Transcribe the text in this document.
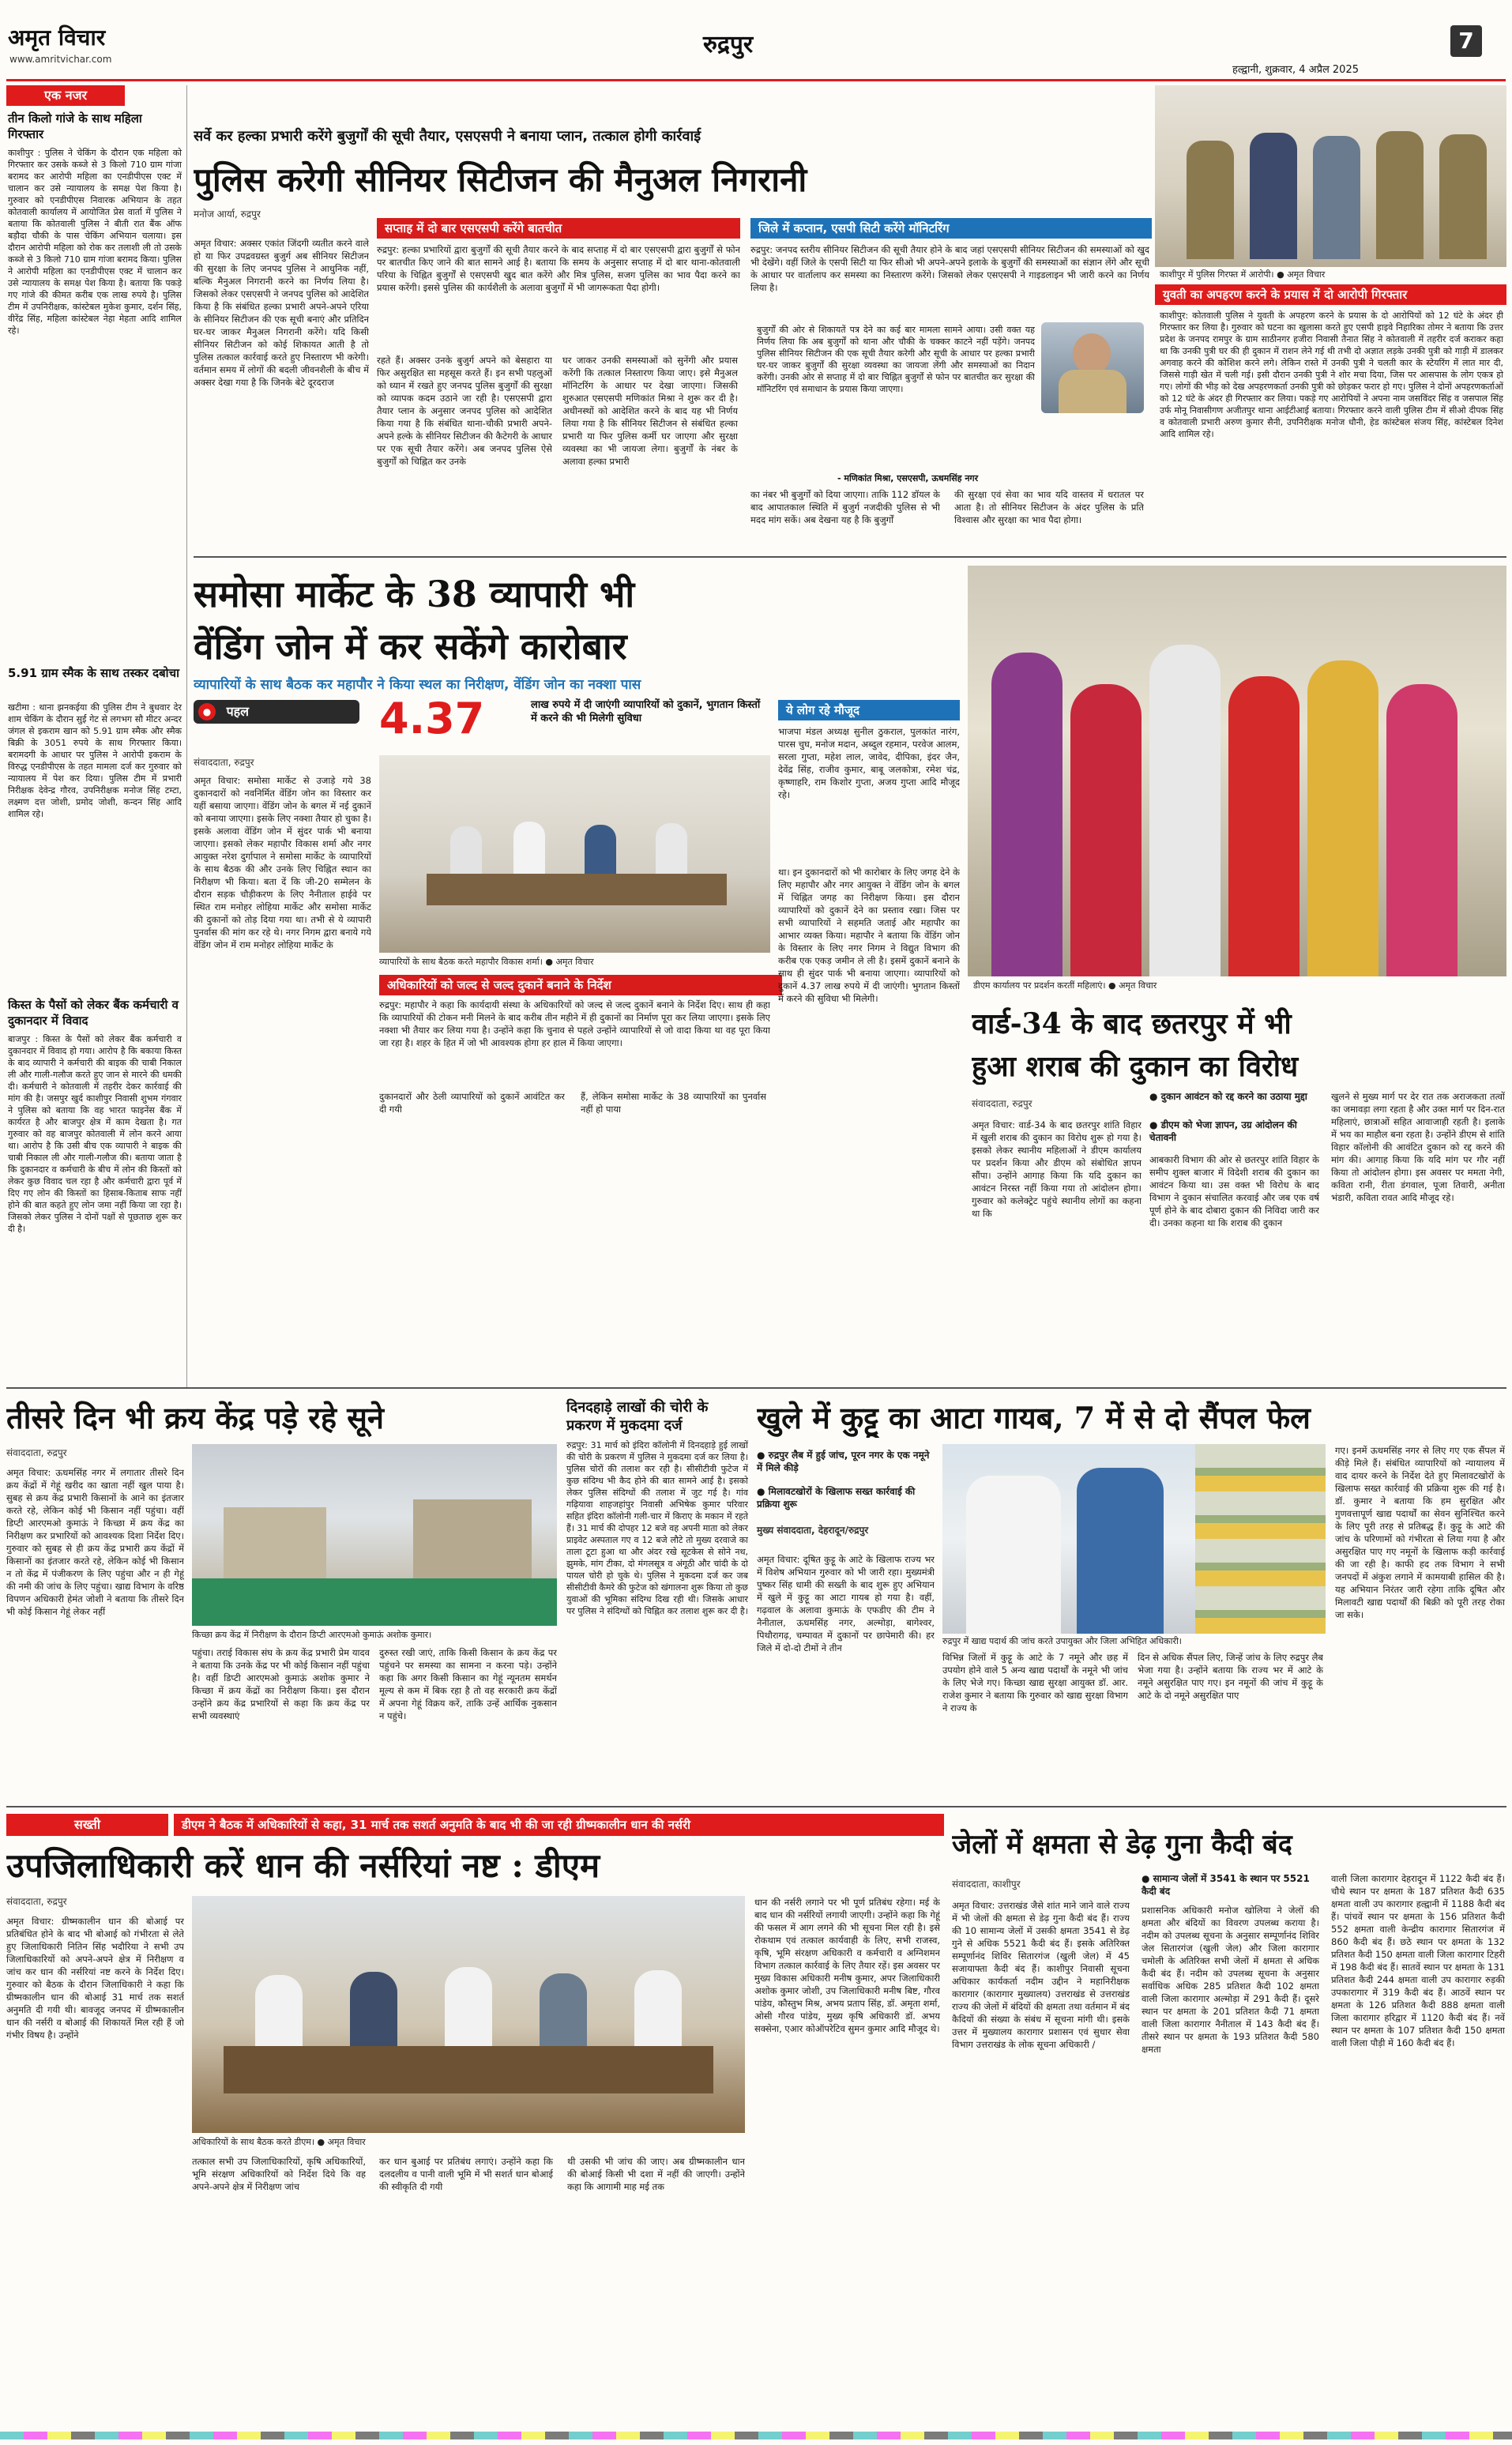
अमृत विचार
www.amritvichar.com
रुद्रपुर
हल्द्वानी, शुक्रवार, 4 अप्रैल 2025
7
एक नजर
तीन किलो गांजे के साथ महिला गिरफ्तार
काशीपुर : पुलिस ने चेकिंग के दौरान एक महिला को गिरफ्तार कर उसके कब्जे से 3 किलो 710 ग्राम गांजा बरामद कर आरोपी महिला का एनडीपीएस एक्ट में चालान कर उसे न्यायालय के समक्ष पेश किया है। गुरुवार को एनडीपीएस निवारक अभियान के तहत कोतवाली कार्यालय में आयोजित प्रेस वार्ता में पुलिस ने बताया कि कोतवाली पुलिस ने बीती रात बैंक ऑफ बड़ौदा चौकी के पास चेकिंग अभियान चलाया। इस दौरान आरोपी महिला को रोक कर तलाशी ली तो उसके कब्जे से 3 किलो 710 ग्राम गांजा बरामद किया। पुलिस ने आरोपी महिला का एनडीपीएस एक्ट में चालान कर उसे न्यायालय के समक्ष पेश किया है। बताया कि पकड़े गए गांजे की कीमत करीब एक लाख रुपये है। पुलिस टीम में उपनिरीक्षक, कांस्टेबल मुकेश कुमार, दर्शन सिंह, वीरेंद्र सिंह, महिला कांस्टेबल नेहा मेहता आदि शामिल रहे।
5.91 ग्राम स्मैक के साथ तस्कर दबोचा
खटीमा : थाना झनकईया की पुलिस टीम ने बुधवार देर शाम चेकिंग के दौरान सुर्ई गेट से लगभग सौ मीटर अन्दर जंगल से इकराम खान को 5.91 ग्राम स्मैक और स्मैक बिक्री के 3051 रुपये के साथ गिरफ्तार किया। बरामदगी के आधार पर पुलिस ने आरोपी इकराम के विरुद्ध एनडीपीएस के तहत मामला दर्ज कर गुरुवार को न्यायालय में पेश कर दिया। पुलिस टीम में प्रभारी निरीक्षक देवेन्द्र गौरव, उपनिरीक्षक मनोज सिंह टम्टा, लक्ष्मण दत्त जोशी, प्रमोद जोशी, कन्दन सिंह आदि शामिल रहे।
किस्त के पैसों को लेकर बैंक कर्मचारी व दुकानदार में विवाद
बाजपुर : किस्त के पैसों को लेकर बैंक कर्मचारी व दुकानदार में विवाद हो गया। आरोप है कि बकाया किस्त के बाद व्यापारी ने कर्मचारी की बाइक की चाबी निकाल ली और गाली-गलौज करते हुए जान से मारने की धमकी दी। कर्मचारी ने कोतवाली में तहरीर देकर कार्रवाई की मांग की है। जसपुर खुर्द काशीपुर निवासी शुभम गंगवार ने पुलिस को बताया कि वह भारत फाइनेंस बैंक में कार्यरत है और बाजपुर क्षेत्र में काम देखता है। गत गुरुवार को वह बाजपुर कोतवाली में लोन करने आया था। आरोप है कि उसी बीच एक व्यापारी ने बाइक की चाबी निकाल ली और गाली-गलौज की। बताया जाता है कि दुकानदार व कर्मचारी के बीच में लोन की किस्तों को लेकर कुछ विवाद चल रहा है और कर्मचारी द्वारा पूर्व में दिए गए लोन की किस्तों का हिसाब-किताब साफ नहीं होने की बात कहते हुए लोन जमा नहीं किया जा रहा है। जिसको लेकर पुलिस ने दोनों पक्षों से पूछताछ शुरू कर दी है।
सर्वे कर हल्का प्रभारी करेंगे बुजुर्गों की सूची तैयार, एसएसपी ने बनाया प्लान, तत्काल होगी कार्रवाई
पुलिस करेगी सीनियर सिटीजन की मैनुअल निगरानी
मनोज आर्या, रुद्रपुर
अमृत विचार: अक्सर एकांत जिंदगी व्यतीत करने वाले हो या फिर उपद्रवग्रस्त बुजुर्ग अब सीनियर सिटीजन की सुरक्षा के लिए जनपद पुलिस ने आधुनिक नहीं, बल्कि मैनुअल निगरानी करने का निर्णय लिया है। जिसको लेकर एसएसपी ने जनपद पुलिस को आदेशित किया है कि संबंधित हल्का प्रभारी अपने-अपने एरिया के सीनियर सिटीजन की एक सूची बनाएं और प्रतिदिन घर-घर जाकर मैनुअल निगरानी करेंगे। यदि किसी सीनियर सिटीजन को कोई शिकायत आती है तो पुलिस तत्काल कार्रवाई करते हुए निस्तारण भी करेगी। वर्तमान समय में लोगों की बदली जीवनशैली के बीच में अक्सर देखा गया है कि जिनके बेटे दूरदराज
सप्ताह में दो बार एसएसपी करेंगे बातचीत
रुद्रपुर: हल्का प्रभारियों द्वारा बुजुर्गों की सूची तैयार करने के बाद सप्ताह में दो बार एसएसपी द्वारा बुजुर्गों से फोन पर बातचीत किए जाने की बात सामने आई है। बताया कि समय के अनुसार सप्ताह में दो बार थाना-कोतवाली परिया के चिह्नित बुजुर्गों से एसएसपी खुद बात करेंगे और मित्र पुलिस, सजग पुलिस का भाव पैदा करने का प्रयास करेंगी। इससे पुलिस की कार्यशैली के अलावा बुजुर्गों में भी जागरूकता पैदा होगी।
रहते हैं। अक्सर उनके बुजुर्ग अपने को बेसहारा या फिर असुरक्षित सा महसूस करते हैं। इन सभी पहलुओं को ध्यान में रखते हुए जनपद पुलिस बुजुर्गों की सुरक्षा को व्यापक कदम उठाने जा रही है। एसएसपी द्वारा तैयार प्लान के अनुसार जनपद पुलिस को आदेशित किया गया है कि संबंधित थाना-चौकी प्रभारी अपने-अपने हल्के के सीनियर सिटीजन की कैटेगरी के आधार पर एक सूची तैयार करेंगे। अब जनपद पुलिस ऐसे बुजुर्गों को चिह्नित कर उनके
घर जाकर उनकी समस्याओं को सुनेंगी और प्रयास करेंगी कि तत्काल निस्तारण किया जाए। इसे मैनुअल मॉनिटरिंग के आधार पर देखा जाएगा। जिसकी शुरुआत एसएसपी मणिकांत मिश्रा ने शुरू कर दी है। अधीनस्थों को आदेशित करने के बाद यह भी निर्णय लिया गया है कि सीनियर सिटीजन से संबंधित हल्का प्रभारी या फिर पुलिस कर्मी घर जाएगा और सुरक्षा व्यवस्था का भी जायजा लेगा। बुजुर्गों के नंबर के अलावा हल्का प्रभारी
जिले में कप्तान, एसपी सिटी करेंगे मॉनिटरिंग
रुद्रपुर: जनपद स्तरीय सीनियर सिटीजन की सूची तैयार होने के बाद जहां एसएसपी सीनियर सिटीजन की समस्याओं को खुद भी देखेंगे। वहीं जिले के एसपी सिटी या फिर सीओ भी अपने-अपने इलाके के बुजुर्गों की समस्याओं का संज्ञान लेंगे और सूची के आधार पर वार्तालाप कर समस्या का निस्तारण करेंगे। जिसको लेकर एसएसपी ने गाइडलाइन भी जारी करने का निर्णय लिया है।
बुजुर्गों की ओर से शिकायतें पत्र देने का कई बार मामला सामने आया। उसी वक्त यह निर्णय लिया कि अब बुजुर्गों को थाना और चौकी के चक्कर काटने नहीं पड़ेंगे। जनपद पुलिस सीनियर सिटीजन की एक सूची तैयार करेगी और सूची के आधार पर हल्का प्रभारी घर-घर जाकर बुजुर्गों की सुरक्षा व्यवस्था का जायजा लेंगी और समस्याओं का निदान करेंगी। उनकी ओर से सप्ताह में दो बार चिह्नित बुजुर्गों से फोन पर बातचीत कर सुरक्षा की मॉनिटरिंग एवं समाधान के प्रयास किया जाएगा।
- मणिकांत मिश्रा, एसएसपी, ऊधमसिंह नगर
का नंबर भी बुजुर्गों को दिया जाएगा। ताकि 112 डॉयल के बाद आपातकाल स्थिति में बुजुर्ग नजदीकी पुलिस से भी मदद मांग सकें। अब देखना यह है कि बुजुर्गों
की सुरक्षा एवं सेवा का भाव यदि वास्तव में धरातल पर आता है। तो सीनियर सिटीजन के अंदर पुलिस के प्रति विश्वास और सुरक्षा का भाव पैदा होगा।
काशीपुर में पुलिस गिरफ्त में आरोपी। ● अमृत विचार
युवती का अपहरण करने के प्रयास में दो आरोपी गिरफ्तार
काशीपुर: कोतवाली पुलिस ने युवती के अपहरण करने के प्रयास के दो आरोपियों को 12 घंटे के अंदर ही गिरफ्तार कर लिया है। गुरुवार को घटना का खुलासा करते हुए एसपी हाइवे निहारिका तोमर ने बताया कि उत्तर प्रदेश के जनपद रामपुर के ग्राम साठीनगर हजीरा निवासी तैनात सिंह ने कोतवाली में तहरीर दर्ज कराकर कहा था कि उनकी पुत्री घर की ही दुकान में राशन लेने गई थी तभी दो अज्ञात लड़के उनकी पुत्री को गाड़ी में डालकर अगवाह करने की कोशिश करने लगे। लेकिन रास्ते में उनकी पुत्री ने चलती कार के स्टेयरिंग में लात मार दी, जिससे गाड़ी खेत में चली गई। इसी दौरान उनकी पुत्री ने शोर मचा दिया, जिस पर आसपास के लोग एकत्र हो गए। लोगों की भीड़ को देख अपहरणकर्ता उनकी पुत्री को छोड़कर फरार हो गए। पुलिस ने दोनों अपहरणकर्ताओं को 12 घंटे के अंदर ही गिरफ्तार कर लिया। पकड़े गए आरोपियों ने अपना नाम जसविंदर सिंह व जसपाल सिंह उर्फ मोनू निवासीगण अजीतपुर थाना आईटीआई बताया। गिरफ्तार करने वाली पुलिस टीम में सीओ दीपक सिंह व कोतवाली प्रभारी अरुण कुमार सैनी, उपनिरीक्षक मनोज धौनी, हेड कांस्टेबल संजय सिंह, कांस्टेबल दिनेश आदि शामिल रहे।
समोसा मार्केट के 38 व्यापारी भी
वेंडिंग जोन में कर सकेंगे कारोबार
व्यापारियों के साथ बैठक कर महापौर ने किया स्थल का निरीक्षण, वेंडिंग जोन का नक्शा पास
● पहल	4.37	लाख रुपये में दी जाएंगी व्यापारियों को दुकानें, भुगतान किस्तों में करने की भी मिलेगी सुविधा
संवाददाता, रुद्रपुर
अमृत विचार: समोसा मार्केट से उजाड़े गये 38 दुकानदारों को नवनिर्मित वेंडिंग जोन का विस्तार कर यहीं बसाया जाएगा। वेंडिंग जोन के बगल में नई दुकानें को बनाया जाएगा। इसके लिए नक्शा तैयार हो चुका है। इसके अलावा वेंडिंग जोन में सुंदर पार्क भी बनाया जाएगा। इसको लेकर महापौर विकास शर्मा और नगर आयुक्त नरेश दुर्गापाल ने समोसा मार्केट के व्यापारियों के साथ बैठक की और उनके लिए चिह्नित स्थान का निरीक्षण भी किया। बता दें कि जी-20 सम्मेलन के दौरान सड़क चौड़ीकरण के लिए नैनीताल हाईवे पर स्थित राम मनोहर लोहिया मार्केट और समोसा मार्केट की दुकानों को तोड़ दिया गया था। तभी से ये व्यापारी पुनर्वास की मांग कर रहे थे। नगर निगम द्वारा बनाये गये वेंडिंग जोन में राम मनोहर लोहिया मार्केट के
व्यापारियों के साथ बैठक करते महापौर विकास शर्मा। ● अमृत विचार
अधिकारियों को जल्द से जल्द दुकानें बनाने के निर्देश
रुद्रपुर: महापौर ने कहा कि कार्यदायी संस्था के अधिकारियों को जल्द से जल्द दुकानें बनाने के निर्देश दिए। साथ ही कहा कि व्यापारियों की टोकन मनी मिलने के बाद करीब तीन महीने में ही दुकानों का निर्माण पूरा कर लिया जाएगा। इसके लिए नक्शा भी तैयार कर लिया गया है। उन्होंने कहा कि चुनाव से पहले उन्होंने व्यापारियों से जो वादा किया था वह पूरा किया जा रहा है। शहर के हित में जो भी आवश्यक होगा हर हाल में किया जाएगा।
दुकानदारों और ठेली व्यापारियों को दुकानें आवंटित कर दी गयी
हैं, लेकिन समोसा मार्केट के 38 व्यापारियों का पुनर्वास नहीं हो पाया
ये लोग रहे मौजूद
भाजपा मंडल अध्यक्ष सुनील ठुकराल, पुलकांत नारंग, पारस चुघ, मनोज मदान, अब्दुल रहमान, परवेज आलम, सरला गुप्ता, महेश लाल, जावेद, दीपिका, इंदर जैन, देवेंद्र सिंह, राजीव कुमार, बाबू जलकोत्रा, रमेश चंद्र, कृष्णाहरि, राम किशोर गुप्ता, अजय गुप्ता आदि मौजूद रहे।
था। इन दुकानदारों को भी कारोबार के लिए जगह देने के लिए महापौर और नगर आयुक्त ने वेंडिंग जोन के बगल में चिह्नित जगह का निरीक्षण किया। इस दौरान व्यापारियों को दुकानें देने का प्रस्ताव रखा। जिस पर सभी व्यापारियों ने सहमति जताई और महापौर का आभार व्यक्त किया। महापौर ने बताया कि वेंडिंग जोन के विस्तार के लिए नगर निगम ने विद्युत विभाग की करीब एक एकड़ जमीन ले ली है। इसमें दुकानें बनाने के साथ ही सुंदर पार्क भी बनाया जाएगा। व्यापारियों को दुकानें 4.37 लाख रुपये में दी जाएंगी। भुगतान किस्तों में करने की सुविधा भी मिलेगी।
डीएम कार्यालय पर प्रदर्शन करतीं महिलाएं। ● अमृत विचार
वार्ड-34 के बाद छतरपुर में भी
हुआ शराब की दुकान का विरोध
संवाददाता, रुद्रपुर
● दुकान आवंटन को रद्द करने का उठाया मुद्दा
● डीएम को भेजा ज्ञापन, उग्र आंदोलन की चेतावनी
अमृत विचार: वार्ड-34 के बाद छतरपुर शांति विहार में खुली शराब की दुकान का विरोध शुरू हो गया है। इसको लेकर स्थानीय महिलाओं ने डीएम कार्यालय पर प्रदर्शन किया और डीएम को संबोधित ज्ञापन सौंपा। उन्होंने आगाह किया कि यदि दुकान का आवंटन निरस्त नहीं किया गया तो आंदोलन होगा। गुरुवार को कलेक्ट्रेट पहुंचे स्थानीय लोगों का कहना था कि
आबकारी विभाग की ओर से छतरपुर शांति विहार के समीप शुक्ल बाजार में विदेशी शराब की दुकान का आवंटन किया था। उस वक्त भी विरोध के बाद विभाग ने दुकान संचालित करवाई और जब एक वर्ष पूर्ण होने के बाद दोबारा दुकान की निविदा जारी कर दी। उनका कहना था कि शराब की दुकान
खुलने से मुख्य मार्ग पर देर रात तक अराजकता तत्वों का जमावड़ा लगा रहता है और उक्त मार्ग पर दिन-रात महिलाएं, छात्राओं सहित आवाजाही रहती है। इलाके में भय का माहौल बना रहता है। उन्होंने डीएम से शांति विहार कॉलोनी की आवंटित दुकान को रद्द करने की मांग की। आगाह किया कि यदि मांग पर गौर नहीं किया तो आंदोलन होगा। इस अवसर पर ममता नेगी, कविता रानी, रीता डंगवाल, पूजा तिवारी, अनीता भंडारी, कविता रावत आदि मौजूद रहे।
तीसरे दिन भी क्रय केंद्र पड़े रहे सूने
संवाददाता, रुद्रपुर
अमृत विचार: ऊधमसिंह नगर में लगातार तीसरे दिन क्रय केंद्रों में गेहूं खरीद का खाता नहीं खुल पाया है। सुबह से क्रय केंद्र प्रभारी किसानों के आने का इंतजार करते रहे, लेकिन कोई भी किसान नहीं पहुंचा। वहीं डिप्टी आरएमओ कुमाऊं ने किच्छा में क्रय केंद्र का निरीक्षण कर प्रभारियों को आवश्यक दिशा निर्देश दिए। गुरुवार को सुबह से ही क्रय केंद्र प्रभारी क्रय केंद्रों में किसानों का इंतजार करते रहे, लेकिन कोई भी किसान न तो केंद्र में पंजीकरण के लिए पहुंचा और न ही गेहूं की नमी की जांच के लिए पहुंचा। खाद्य विभाग के वरिष्ठ विपणन अधिकारी हेमंत जोशी ने बताया कि तीसरे दिन भी कोई किसान गेहूं लेकर नहीं
किच्छा क्रय केंद्र में निरीक्षण के दौरान डिप्टी आरएमओ कुमाऊं अशोक कुमार।
पहुंचा। तराई विकास संघ के क्रय केंद्र प्रभारी प्रेम यादव ने बताया कि उनके केंद्र पर भी कोई किसान नहीं पहुंचा है। वहीं डिप्टी आरएमओ कुमाऊं अशोक कुमार ने किच्छा में क्रय केंद्रों का निरीक्षण किया। इस दौरान उन्होंने क्रय केंद्र प्रभारियों से कहा कि क्रय केंद्र पर सभी व्यवस्थाएं
दुरुस्त रखी जाएं, ताकि किसी किसान के क्रय केंद्र पर पहुंचने पर समस्या का सामना न करना पड़े। उन्होंने कहा कि अगर किसी किसान का गेहूं न्यूनतम समर्थन मूल्य से कम में बिक रहा है तो वह सरकारी क्रय केंद्रों में अपना गेहूं विक्रय करें, ताकि उन्हें आर्थिक नुकसान न पहुंचे।
दिनदहाड़े लाखों की चोरी के प्रकरण में मुकदमा दर्ज
रुद्रपुर: 31 मार्च को इंदिरा कॉलोनी में दिनदहाड़े हुई लाखों की चोरी के प्रकरण में पुलिस ने मुकदमा दर्ज कर लिया है। पुलिस चोरों की तलाश कर रही है। सीसीटीवी फुटेज में कुछ संदिग्ध भी कैद होने की बात सामने आई है। इसको लेकर पुलिस संदिग्धों की तलाश में जुट गई है। गांव गढ़ियावा शाहजहांपुर निवासी अभिषेक कुमार परिवार सहित इंदिरा कॉलोनी गली-चार में किराए के मकान में रहते हैं। 31 मार्च की दोपहर 12 बजे वह अपनी माता को लेकर प्राइवेट अस्पताल गए व 12 बजे लौटे तो मुख्य दरवाजे का ताला टूटा हुआ था और अंदर रखे सूटकेस से सोने नथ, झुमके, मांग टीका, दो मंगलसूत्र व अंगूठी और चांदी के दो पायल चोरी हो चुके थे। पुलिस ने मुकदमा दर्ज कर जब सीसीटीवी कैमरे की फुटेज को खंगालना शुरू किया तो कुछ युवाओं की भूमिका संदिग्ध दिख रही थी। जिसके आधार पर पुलिस ने संदिग्धों को चिह्नित कर तलाश शुरू कर दी है।
खुले में कुट्टू का आटा गायब, 7 में से दो सैंपल फेल
● रुद्रपुर लैब में हुई जांच, पूरन नगर के एक नमूने में मिले कीड़े
● मिलावटखोरों के खिलाफ सख्त कार्रवाई की प्रक्रिया शुरू
मुख्य संवाददाता, देहरादून/रुद्रपुर
अमृत विचार: दूषित कुट्टू के आटे के खिलाफ राज्य भर में विशेष अभियान गुरुवार को भी जारी रहा। मुख्यमंत्री पुष्कर सिंह धामी की सख्ती के बाद शुरू हुए अभियान में खुले में कुट्टू का आटा गायब हो गया है। वहीं, गढ़वाल के अलावा कुमाऊं के एफडीए की टीम ने नैनीताल, ऊधमसिंह नगर, अल्मोड़ा, बागेश्वर, पिथौरागढ़, चम्पावत में दुकानों पर छापेमारी की। हर जिले में दो-दो टीमों ने तीन
रुद्रपुर में खाद्य पदार्थ की जांच करते उपायुक्त और जिला अभिहित अधिकारी।
विभिन्न जिलों में कुट्टू के आटे के 7 नमूने और छह में उपयोग होने वाले 5 अन्य खाद्य पदार्थों के नमूने भी जांच के लिए भेजे गए। किच्छा खाद्य सुरक्षा आयुक्त डॉ. आर. राजेश कुमार ने बताया कि गुरुवार को खाद्य सुरक्षा विभाग ने राज्य के
दिन से अधिक सैंपल लिए, जिन्हें जांच के लिए रुद्रपुर लैब भेजा गया है। उन्होंने बताया कि राज्य भर में आटे के नमूने असुरक्षित पाए गए। इन नमूनों की जांच में कुट्टू के आटे के दो नमूने असुरक्षित पाए
गए। इनमें ऊधमसिंह नगर से लिए गए एक सैंपल में कीड़े मिले हैं। संबंधित व्यापारियों को न्यायालय में वाद दायर करने के निर्देश देते हुए मिलावटखोरों के खिलाफ सख्त कार्रवाई की प्रक्रिया शुरू की गई है। डॉ. कुमार ने बताया कि हम सुरक्षित और गुणवत्तापूर्ण खाद्य पदार्थों का सेवन सुनिश्चित करने के लिए पूरी तरह से प्रतिबद्ध हैं। कुट्टू के आटे की जांच के परिणामों को गंभीरता से लिया गया है और असुरक्षित पाए गए नमूनों के खिलाफ कड़ी कार्रवाई की जा रही है। काफी हद तक विभाग ने सभी जनपदों में अंकुश लगाने में कामयाबी हासिल की है। यह अभियान निरंतर जारी रहेगा ताकि दूषित और मिलावटी खाद्य पदार्थों की बिक्री को पूरी तरह रोका जा सके।
सख्ती	डीएम ने बैठक में अधिकारियों से कहा, 31 मार्च तक सशर्त अनुमति के बाद भी की जा रही ग्रीष्मकालीन धान की नर्सरी
उपजिलाधिकारी करें धान की नर्सरियां नष्ट : डीएम
संवाददाता, रुद्रपुर
अमृत विचार: ग्रीष्मकालीन धान की बोआई पर प्रतिबंधित होने के बाद भी बोआई को गंभीरता से लेते हुए जिलाधिकारी नितिन सिंह भदौरिया ने सभी उप जिलाधिकारियों को अपने-अपने क्षेत्र में निरीक्षण व जांच कर धान की नर्सरियां नष्ट करने के निर्देश दिए। गुरुवार को बैठक के दौरान जिलाधिकारी ने कहा कि ग्रीष्मकालीन धान की बोआई 31 मार्च तक सशर्त अनुमति दी गयी थी। बावजूद जनपद में ग्रीष्मकालीन धान की नर्सरी व बोआई की शिकायतें मिल रही हैं जो गंभीर विषय है। उन्होंने
अधिकारियों के साथ बैठक करते डीएम। ● अमृत विचार
तत्काल सभी उप जिलाधिकारियों, कृषि अधिकारियों, भूमि संरक्षण अधिकारियों को निर्देश दिये कि वह अपने-अपने क्षेत्र में निरीक्षण जांच
कर धान बुआई पर प्रतिबंध लगाएं। उन्होंने कहा कि दलदलीय व पानी वाली भूमि में भी सशर्त धान बोआई की स्वीकृति दी गयी
थी उसकी भी जांच की जाए। अब ग्रीष्मकालीन धान की बोआई किसी भी दशा में नहीं की जाएगी। उन्होंने कहा कि आगामी माह मई तक
धान की नर्सरी लगाने पर भी पूर्ण प्रतिबंध रहेगा। मई के बाद धान की नर्सरियों लगायी जाएगी। उन्होंने कहा कि गेहूं की फसल में आग लगने की भी सूचना मिल रही है। इसे रोकथाम एवं तत्काल कार्यवाही के लिए, सभी राजस्व, कृषि, भूमि संरक्षण अधिकारी व कर्मचारी व अग्निशमन विभाग तत्काल कार्रवाई के लिए तैयार रहें। इस अवसर पर मुख्य विकास अधिकारी मनीष कुमार, अपर जिलाधिकारी अशोक कुमार जोशी, उप जिलाधिकारी मनीष बिष्ट, गौरव पांडेय, कौस्तुभ मिश्र, अभय प्रताप सिंह, डॉ. अमृता शर्मा, ओसी गौरव पांडेय, मुख्य कृषि अधिकारी डॉ. अभय सक्सेना, एआर कोऑपरेटिव सुमन कुमार आदि मौजूद थे।
जेलों में क्षमता से डेढ़ गुना कैदी बंद
संवाददाता, काशीपुर	● सामान्य जेलों में 3541 के स्थान पर 5521 कैदी बंद
अमृत विचार: उत्तराखंड जैसे शांत माने जाने वाले राज्य में भी जेलों की क्षमता से डेढ़ गुना कैदी बंद हैं। राज्य की 10 सामान्य जेलों में उसकी क्षमता 3541 से डेढ़ गुने से अधिक 5521 कैदी बंद हैं। इसके अतिरिक्त सम्पूर्णानंद शिविर सितारगंज (खुली जेल) में 45 सजायाफ्ता कैदी बंद हैं। काशीपुर निवासी सूचना अधिकार कार्यकर्ता नदीम उद्दीन ने महानिरीक्षक कारागार (कारागार मुख्यालय) उत्तराखंड से उत्तराखंड राज्य की जेलों में बंदियों की क्षमता तथा वर्तमान में बंद कैदियों की संख्या के संबंध में सूचना मांगी थी। इसके उत्तर में मुख्यालय कारागार प्रशासन एवं सुधार सेवा विभाग उत्तराखंड के लोक सूचना अधिकारी /
प्रशासनिक अधिकारी मनोज खोलिया ने जेलों की क्षमता और बंदियों का विवरण उपलब्ध कराया है। नदीम को उपलब्ध सूचना के अनुसार सम्पूर्णानंद शिविर जेल सितारगंज (खुली जेल) और जिला कारागार चमोली के अतिरिक्त सभी जेलों में क्षमता से अधिक कैदी बंद हैं। नदीम को उपलब्ध सूचना के अनुसार सर्वाधिक अधिक 285 प्रतिशत कैदी 102 क्षमता वाली जिला कारागार अल्मोड़ा में 291 कैदी हैं। दूसरे स्थान पर क्षमता के 201 प्रतिशत कैदी 71 क्षमता वाली जिला कारागार नैनीताल में 143 कैदी बंद हैं। तीसरे स्थान पर क्षमता के 193 प्रतिशत कैदी 580 क्षमता
वाली जिला कारागार देहरादून में 1122 कैदी बंद हैं। चौथे स्थान पर क्षमता के 187 प्रतिशत कैदी 635 क्षमता वाली उप कारागार हल्द्वानी में 1188 कैदी बंद हैं। पांचवें स्थान पर क्षमता के 156 प्रतिशत कैदी 552 क्षमता वाली केन्द्रीय कारागार सितारगंज में 860 कैदी बंद हैं। छठे स्थान पर क्षमता के 132 प्रतिशत कैदी 150 क्षमता वाली जिला कारागार टिहरी में 198 कैदी बंद हैं। सातवें स्थान पर क्षमता के 131 प्रतिशत कैदी 244 क्षमता वाली उप कारागार रुड़की उपकारागार में 319 कैदी बंद हैं। आठवें स्थान पर क्षमता के 126 प्रतिशत कैदी 888 क्षमता वाली जिला कारागार हरिद्वार में 1120 कैदी बंद हैं। नवें स्थान पर क्षमता के 107 प्रतिशत कैदी 150 क्षमता वाली जिला पौड़ी में 160 कैदी बंद हैं।
